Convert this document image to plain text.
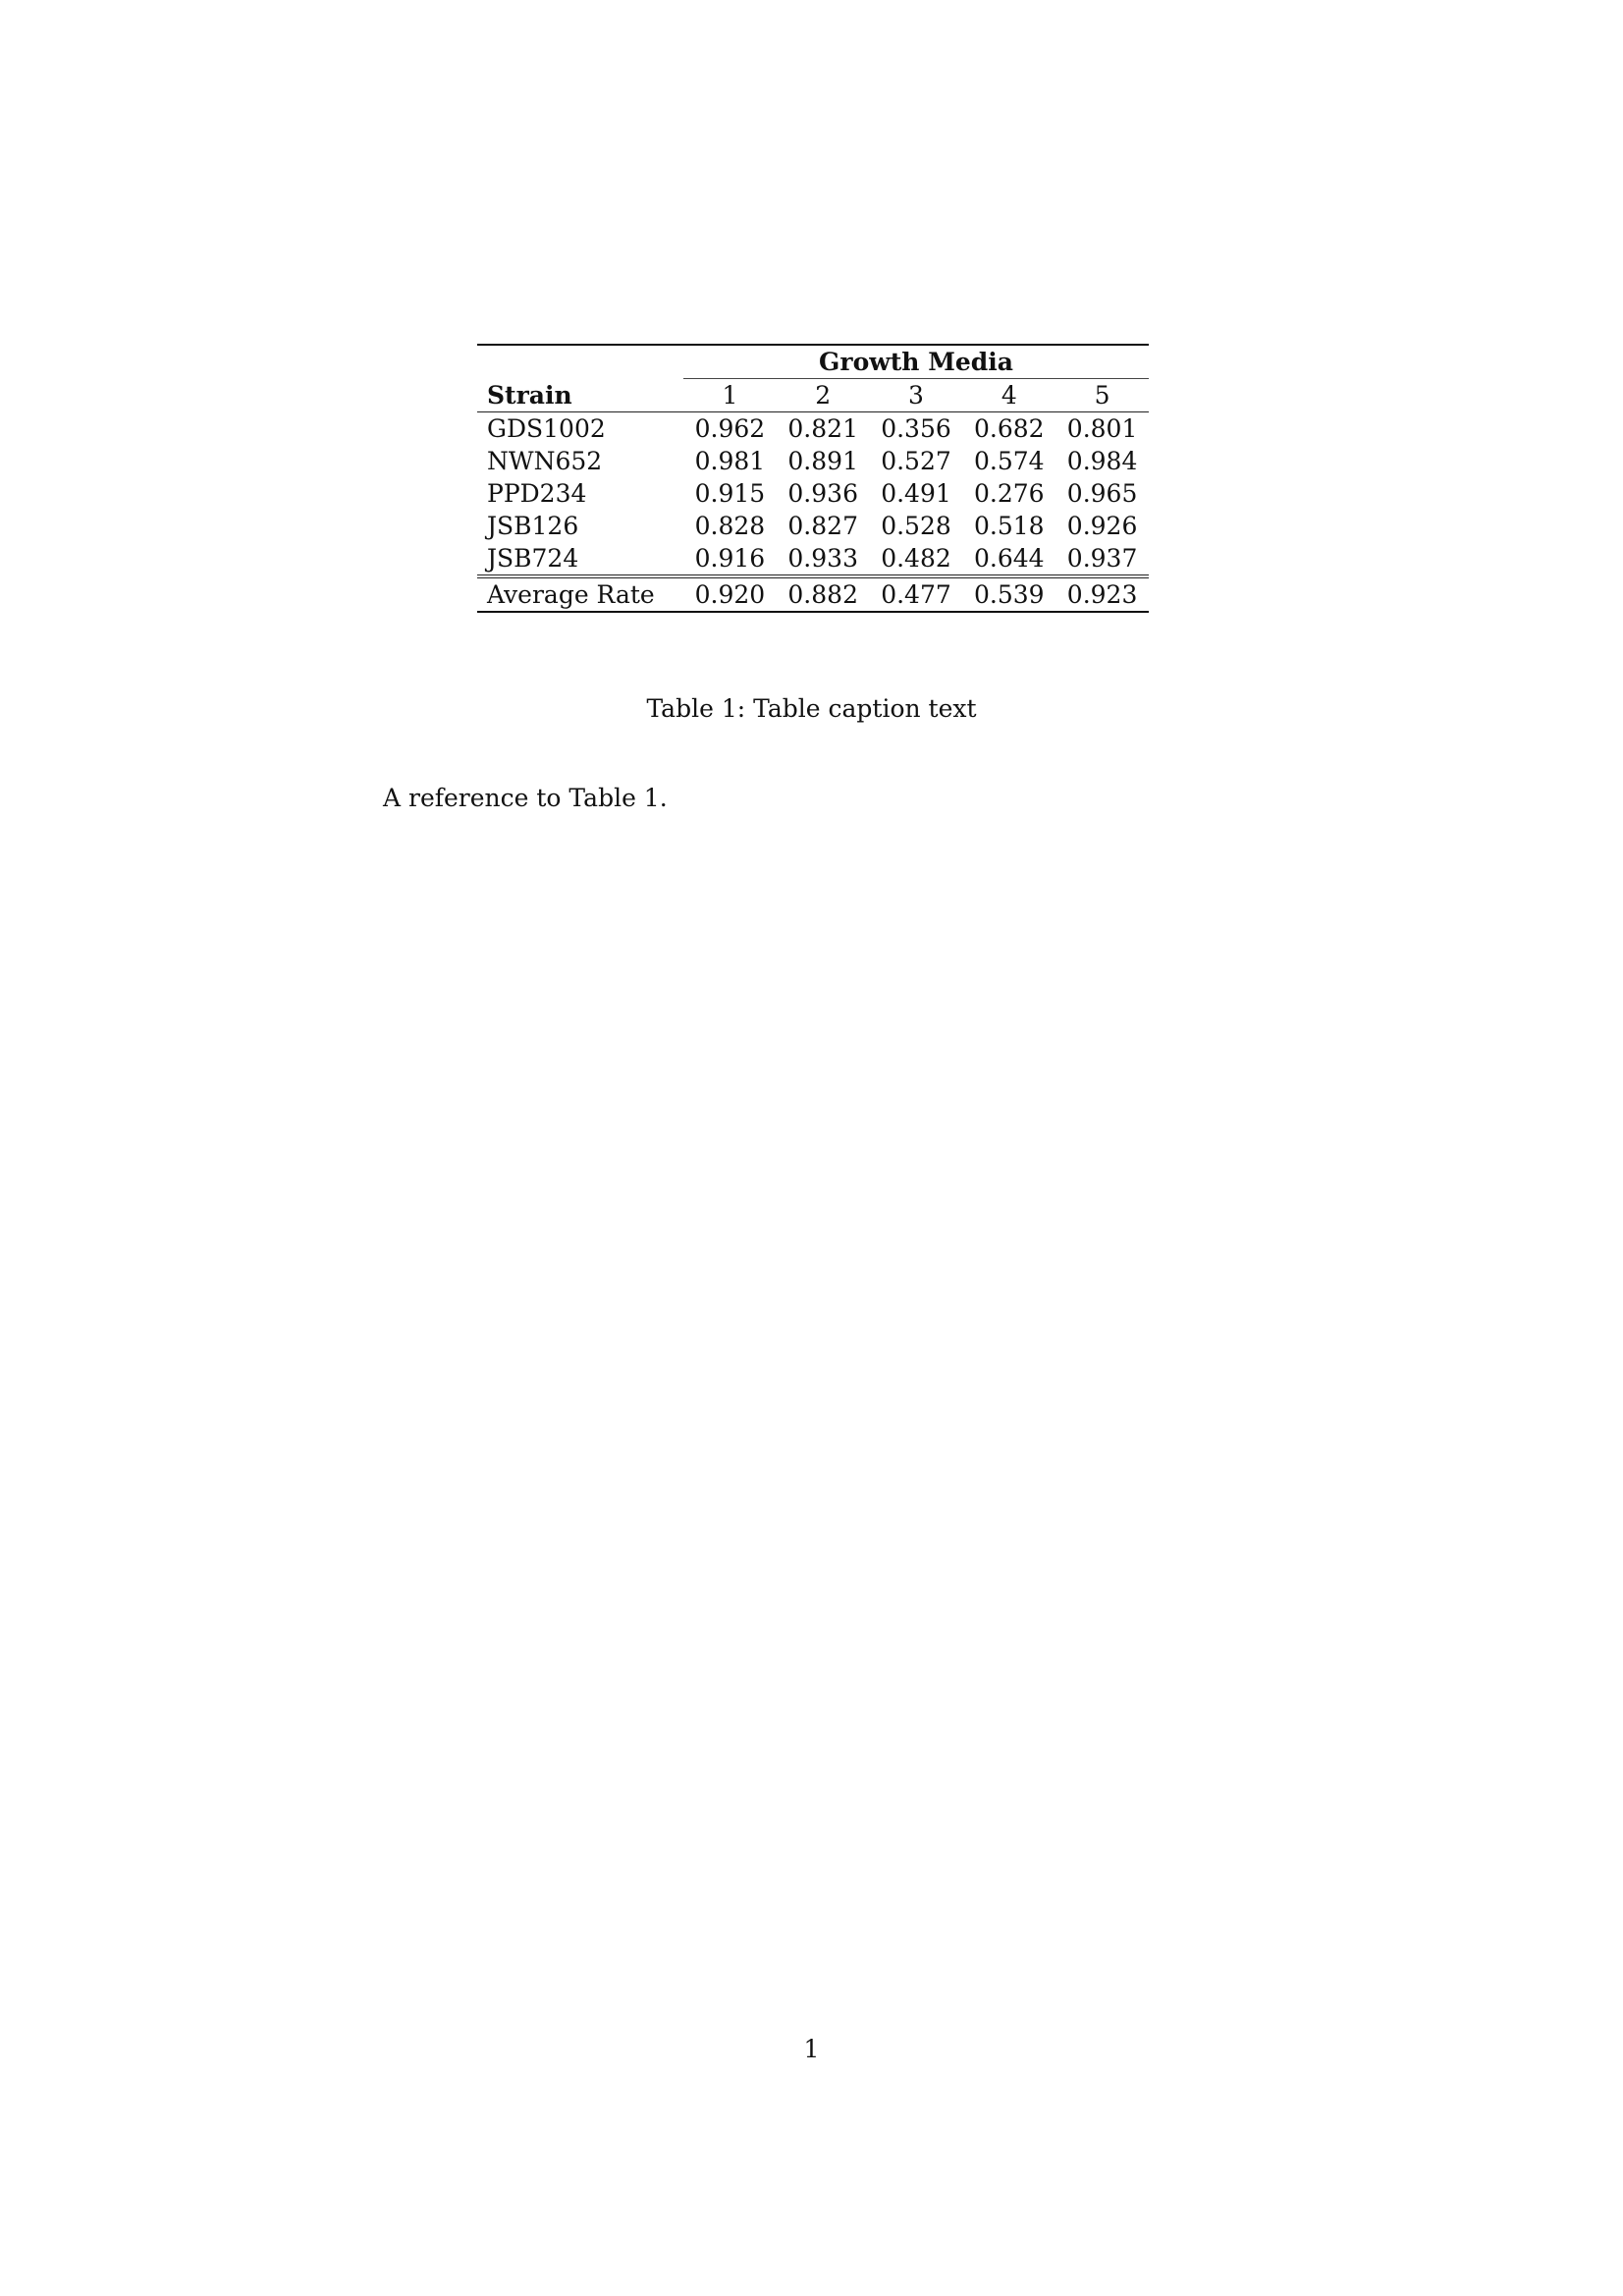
	Growth Media				
Strain	1	2	3	4	5
GDS1002	0.962	0.821	0.356	0.682	0.801
NWN652	0.981	0.891	0.527	0.574	0.984
PPD234	0.915	0.936	0.491	0.276	0.965
JSB126	0.828	0.827	0.528	0.518	0.926
JSB724	0.916	0.933	0.482	0.644	0.937
Average Rate	0.920	0.882	0.477	0.539	0.923
Table 1: Table caption text
A reference to Table 1.
1
